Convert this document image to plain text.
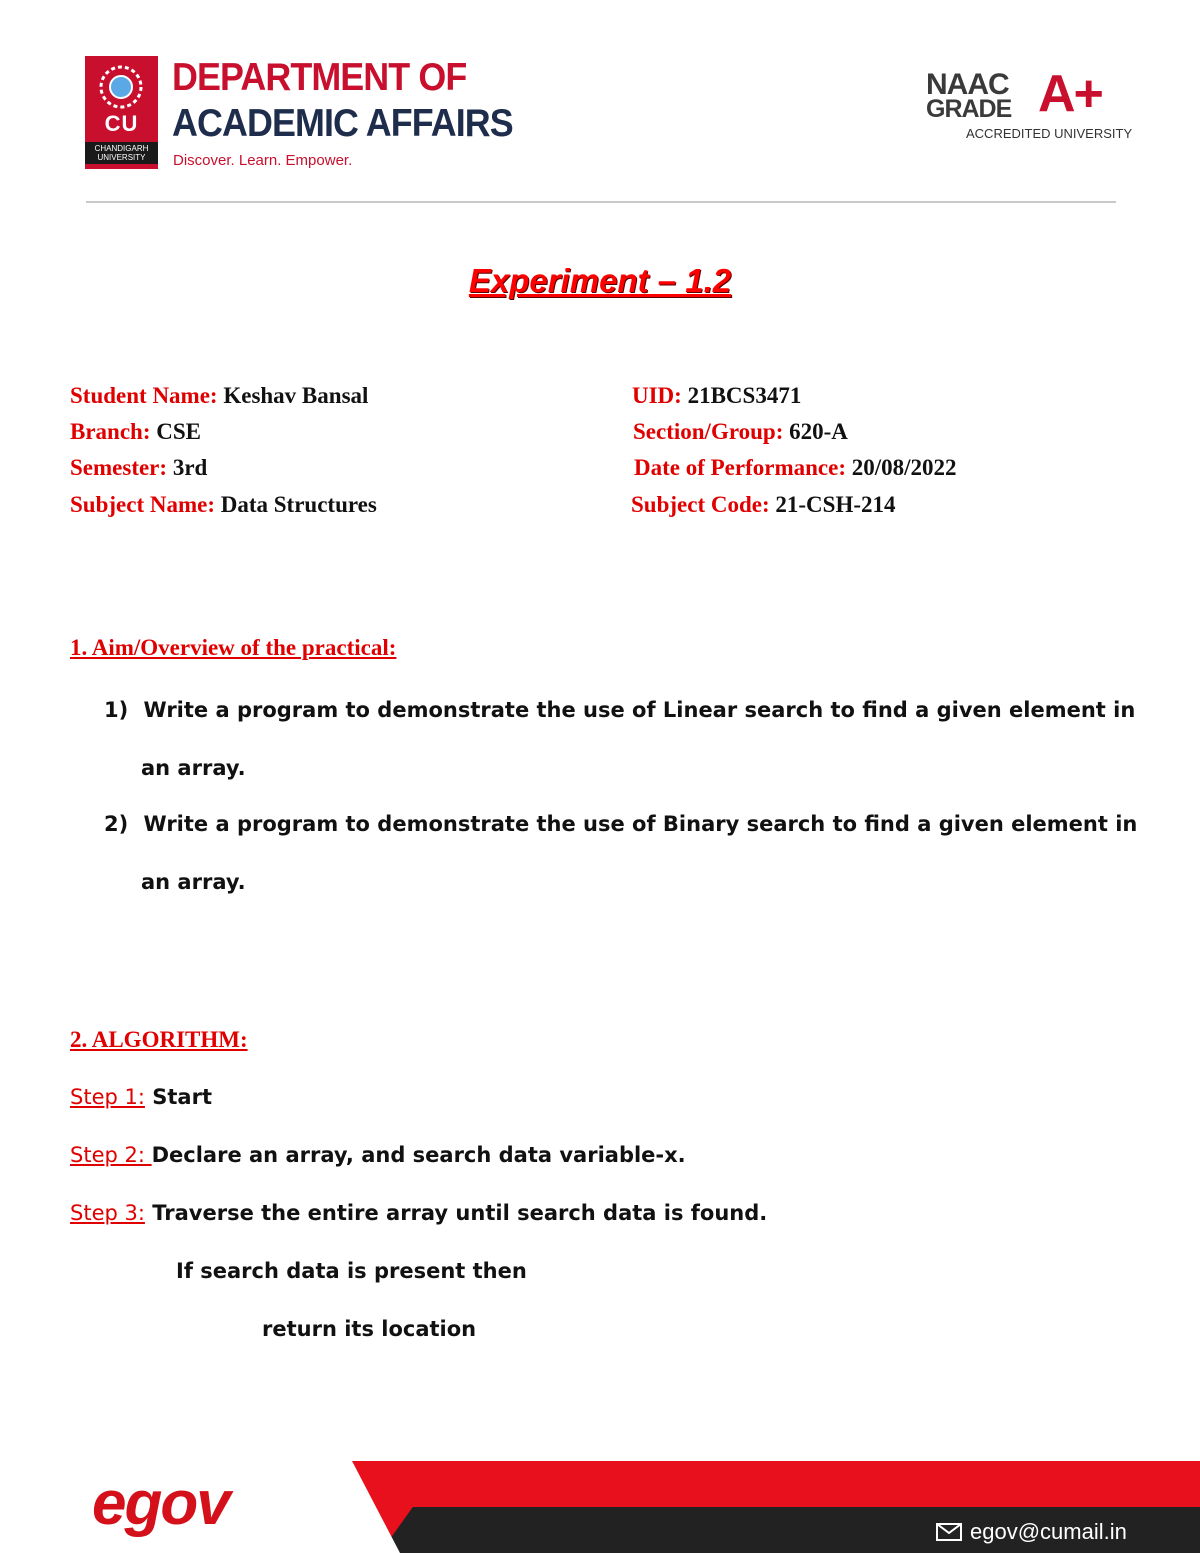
CU
CHANDIGARH UNIVERSITY
DEPARTMENT OF
ACADEMIC AFFAIRS
Discover. Learn. Empower.
NAAC
GRADE A+
ACCREDITED UNIVERSITY
Experiment – 1.2
Student Name: Keshav Bansal	UID: 21BCS3471
Branch: CSE	Section/Group: 620-A
Semester: 3rd	Date of Performance: 20/08/2022
Subject Name: Data Structures	Subject Code: 21-CSH-214
1. Aim/Overview of the practical:
1) Write a program to demonstrate the use of Linear search to find a given element in
an array.
2) Write a program to demonstrate the use of Binary search to find a given element in
an array.
2. ALGORITHM:
Step 1: Start
Step 2: Declare an array, and search data variable-x.
Step 3: Traverse the entire array until search data is found.
If search data is present then
return its location
egov	egov@cumail.in
